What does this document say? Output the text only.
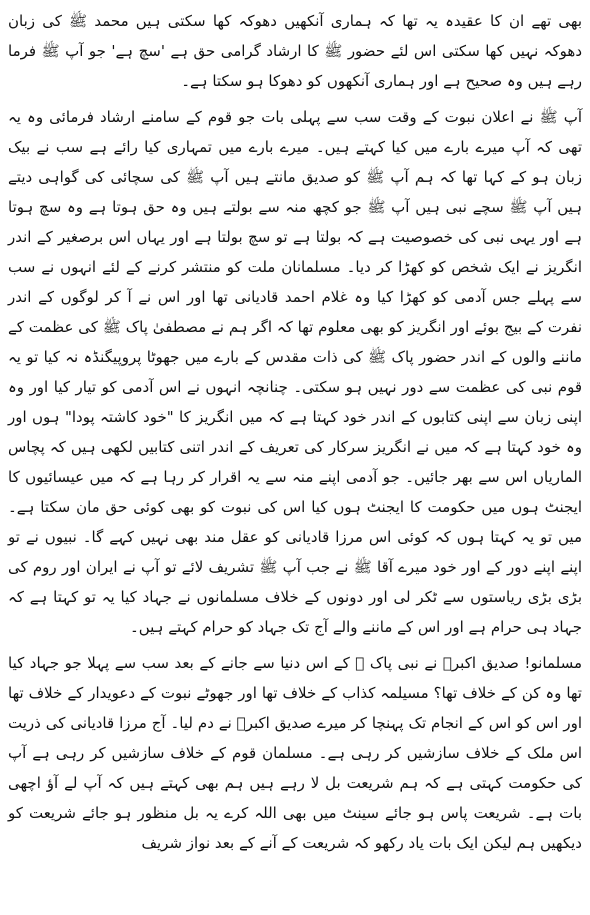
بھی تھے ان کا عقیدہ یہ تھا کہ ہماری آنکھیں دھوکہ کھا سکتی ہیں محمد ﷺ کی زبان دھوکہ نہیں کھا سکتی اس لئے حضور ﷺ کا ارشاد گرامی حق ہے 'سچ ہے' جو آپ ﷺ فرما رہے ہیں وہ صحیح ہے اور ہماری آنکھوں کو دھوکا ہو سکتا ہے۔

آپ ﷺ نے اعلان نبوت کے وقت سب سے پہلی بات جو قوم کے سامنے ارشاد فرمائی وہ یہ تھی کہ آپ میرے بارے میں کیا کہتے ہیں۔ میرے بارے میں تمہاری کیا رائے ہے سب نے بیک زبان ہو کے کہا تھا کہ ہم آپ ﷺ کو صدیق مانتے ہیں آپ ﷺ کی سچائی کی گواہی دیتے ہیں آپ ﷺ سچے نبی ہیں آپ ﷺ جو کچھ منہ سے بولتے ہیں وہ حق ہوتا ہے وہ سچ ہوتا ہے اور یہی نبی کی خصوصیت ہے کہ بولتا ہے تو سچ بولتا ہے اور یہاں اس برصغیر کے اندر انگریز نے ایک شخص کو کھڑا کر دیا۔ مسلمانان ملت کو منتشر کرنے کے لئے انہوں نے سب سے پہلے جس آدمی کو کھڑا کیا وہ غلام احمد قادیانی تھا اور اس نے آ کر لوگوں کے اندر نفرت کے بیج بوئے اور انگریز کو بھی معلوم تھا کہ اگر ہم نے مصطفیٰ پاک ﷺ کی عظمت کے ماننے والوں کے اندر حضور پاک ﷺ کی ذات مقدس کے بارے میں جھوٹا پروپیگنڈہ نہ کیا تو یہ قوم نبی کی عظمت سے دور نہیں ہو سکتی۔ چنانچہ انہوں نے اس آدمی کو تیار کیا اور وہ اپنی زبان سے اپنی کتابوں کے اندر خود کہتا ہے کہ میں انگریز کا "خود کاشتہ پودا" ہوں اور وہ خود کہتا ہے کہ میں نے انگریز سرکار کی تعریف کے اندر اتنی کتابیں لکھی ہیں کہ پچاس الماریاں اس سے بھر جائیں۔ جو آدمی اپنے منہ سے یہ اقرار کر رہا ہے کہ میں عیسائیوں کا ایجنٹ ہوں میں حکومت کا ایجنٹ ہوں کیا اس کی نبوت کو بھی کوئی حق مان سکتا ہے۔ میں تو یہ کہتا ہوں کہ کوئی اس مرزا قادیانی کو عقل مند بھی نہیں کہے گا۔ نبیوں نے تو اپنے اپنے دور کے اور خود میرے آقا ﷺ نے جب آپ ﷺ تشریف لائے تو آپ نے ایران اور روم کی بڑی بڑی ریاستوں سے ٹکر لی اور دونوں کے خلاف مسلمانوں نے جہاد کیا یہ تو کہتا ہے کہ جہاد ہی حرام ہے اور اس کے ماننے والے آج تک جہاد کو حرام کہتے ہیں۔

مسلمانو! صدیق اکبرؓ نے نبی پاک ﷺ کے اس دنیا سے جانے کے بعد سب سے پہلا جو جہاد کیا تھا وہ کن کے خلاف تھا؟ مسیلمہ کذاب کے خلاف تھا اور جھوٹے نبوت کے دعویدار کے خلاف تھا اور اس کو اس کے انجام تک پہنچا کر میرے صدیق اکبرؓ نے دم لیا۔ آج مرزا قادیانی کی ذریت اس ملک کے خلاف سازشیں کر رہی ہے۔ مسلمان قوم کے خلاف سازشیں کر رہی ہے آپ کی حکومت کہتی ہے کہ ہم شریعت بل لا رہے ہیں ہم بھی کہتے ہیں کہ آپ لے آؤ اچھی بات ہے۔ شریعت پاس ہو جائے سینٹ میں بھی اللہ کرے یہ بل منظور ہو جائے شریعت کو دیکھیں ہم لیکن ایک بات یاد رکھو کہ شریعت کے آنے کے بعد نواز شریف
